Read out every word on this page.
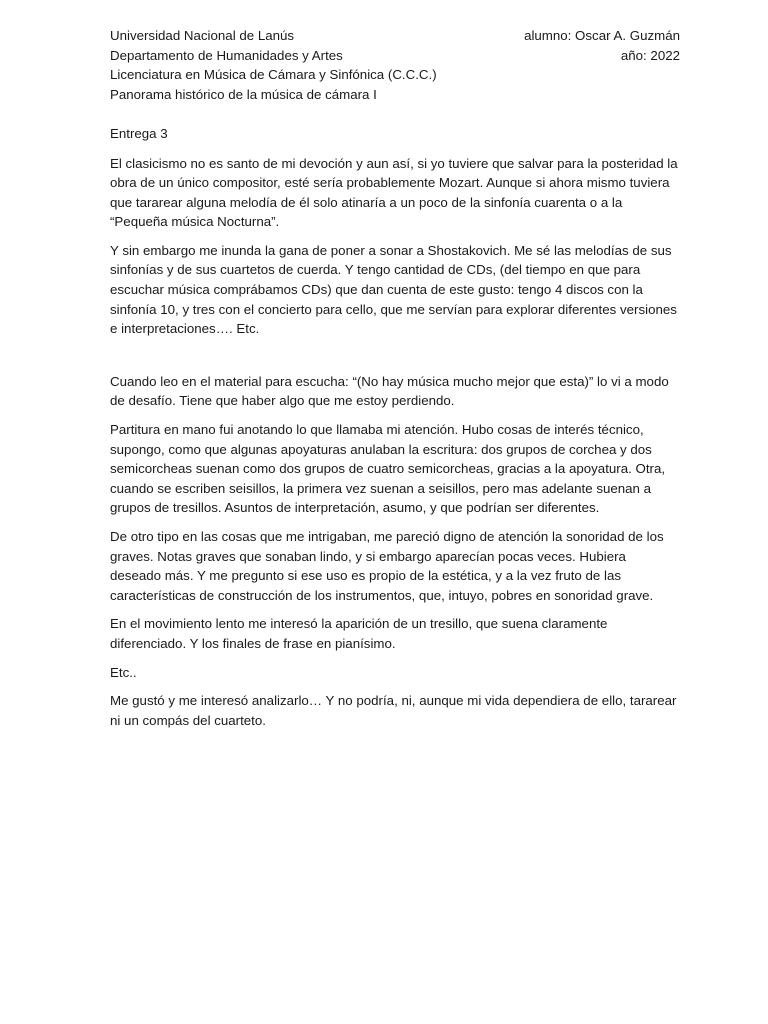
Universidad Nacional de Lanús
Departamento de Humanidades y Artes
Licenciatura en Música de Cámara y Sinfónica (C.C.C.)
Panorama histórico de la música de cámara I
alumno: Oscar A. Guzmán
año: 2022
Entrega 3

El clasicismo no es santo de mi devoción y aun así, si yo tuviere que salvar para la posteridad la obra de un único compositor, esté sería probablemente Mozart. Aunque si ahora mismo tuviera que tararear alguna melodía de él solo atinaría a un poco de la sinfonía cuarenta o a la “Pequeña música Nocturna”.

Y sin embargo me inunda la gana de poner a sonar a Shostakovich. Me sé las melodías de sus sinfonías y de sus cuartetos de cuerda. Y tengo cantidad de CDs, (del tiempo en que para escuchar música comprábamos CDs) que dan cuenta de este gusto: tengo 4 discos con la sinfonía 10, y tres con el concierto para cello, que me servían para explorar diferentes versiones e interpretaciones…. Etc.

Cuando leo en el material para escucha: “(No hay música mucho mejor que esta)” lo vi a modo de desafío. Tiene que haber algo que me estoy perdiendo.

Partitura en mano fui anotando lo que llamaba mi atención. Hubo cosas de interés técnico, supongo, como que algunas apoyaturas anulaban la escritura: dos grupos de corchea y dos semicorcheas suenan como dos grupos de cuatro semicorcheas, gracias a la apoyatura. Otra, cuando se escriben seisillos, la primera vez suenan a seisillos, pero mas adelante suenan a grupos de tresillos. Asuntos de interpretación, asumo, y que podrían ser diferentes.

De otro tipo en las cosas que me intrigaban, me pareció digno de atención la sonoridad de los graves. Notas graves que sonaban lindo, y si embargo aparecían pocas veces. Hubiera deseado más. Y me pregunto si ese uso es propio de la estética, y a la vez fruto de las características de construcción de los instrumentos, que, intuyo, pobres en sonoridad grave.

En el movimiento lento me interesó la aparición de un tresillo, que suena claramente diferenciado. Y los finales de frase en pianísimo.

Etc..

Me gustó y me interesó analizarlo… Y no podría, ni, aunque mi vida dependiera de ello, tararear ni un compás del cuarteto.
